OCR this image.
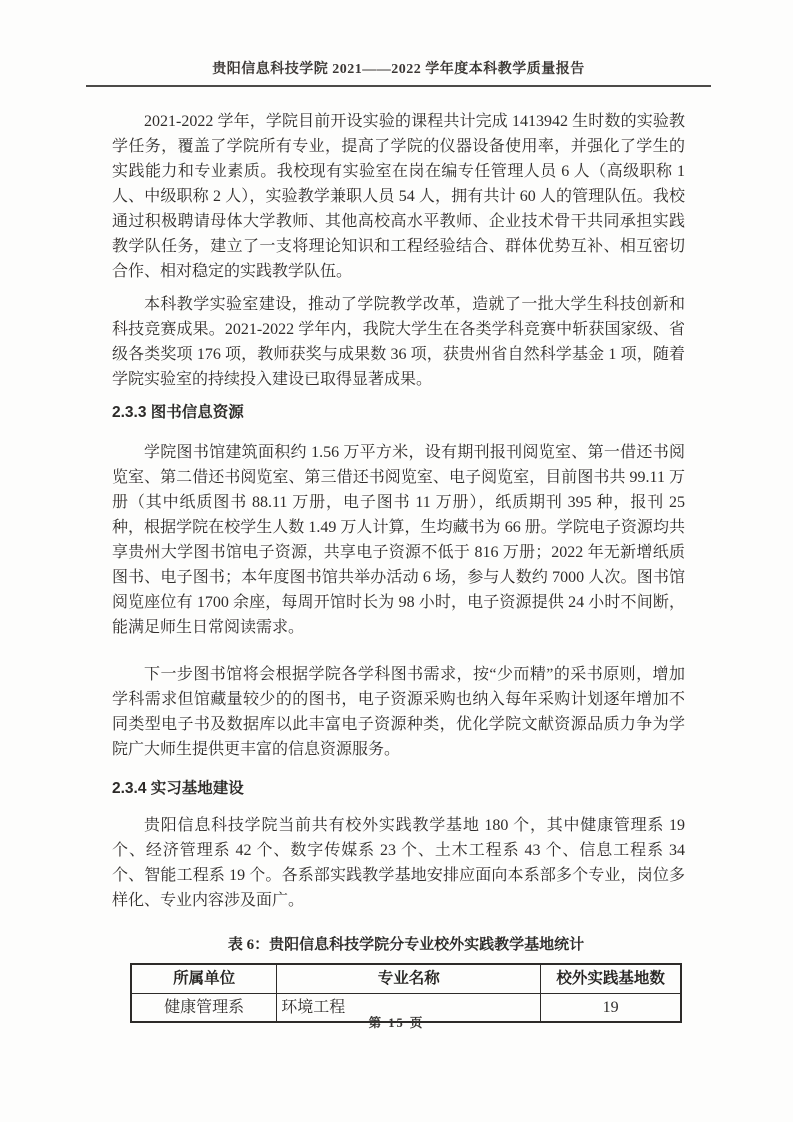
贵阳信息科技学院 2021——2022 学年度本科教学质量报告

2021-2022 学年，学院目前开设实验的课程共计完成 1413942 生时数的实验教学任务，覆盖了学院所有专业，提高了学院的仪器设备使用率，并强化了学生的实践能力和专业素质。我校现有实验室在岗在编专任管理人员 6 人（高级职称 1 人、中级职称 2 人），实验教学兼职人员 54 人，拥有共计 60 人的管理队伍。我校通过积极聘请母体大学教师、其他高校高水平教师、企业技术骨干共同承担实践教学队任务，建立了一支将理论知识和工程经验结合、群体优势互补、相互密切合作、相对稳定的实践教学队伍。

本科教学实验室建设，推动了学院教学改革，造就了一批大学生科技创新和科技竞赛成果。2021-2022 学年内，我院大学生在各类学科竞赛中斩获国家级、省级各类奖项 176 项，教师获奖与成果数 36 项，获贵州省自然科学基金 1 项，随着学院实验室的持续投入建设已取得显著成果。

2.3.3 图书信息资源

学院图书馆建筑面积约 1.56 万平方米，设有期刊报刊阅览室、第一借还书阅览室、第二借还书阅览室、第三借还书阅览室、电子阅览室，目前图书共 99.11 万册（其中纸质图书 88.11 万册，电子图书 11 万册），纸质期刊 395 种，报刊 25 种，根据学院在校学生人数 1.49 万人计算，生均藏书为 66 册。学院电子资源均共享贵州大学图书馆电子资源，共享电子资源不低于 816 万册；2022 年无新增纸质图书、电子图书；本年度图书馆共举办活动 6 场，参与人数约 7000 人次。图书馆阅览座位有 1700 余座，每周开馆时长为 98 小时，电子资源提供 24 小时不间断，能满足师生日常阅读需求。

下一步图书馆将会根据学院各学科图书需求，按“少而精”的采书原则，增加学科需求但馆藏量较少的的图书，电子资源采购也纳入每年采购计划逐年增加不同类型电子书及数据库以此丰富电子资源种类，优化学院文献资源品质力争为学院广大师生提供更丰富的信息资源服务。

2.3.4 实习基地建设

贵阳信息科技学院当前共有校外实践教学基地 180 个，其中健康管理系 19 个、经济管理系 42 个、数字传媒系 23 个、土木工程系 43 个、信息工程系 34 个、智能工程系 19 个。各系部实践教学基地安排应面向本系部多个专业，岗位多样化、专业内容涉及面广。

表 6：贵阳信息科技学院分专业校外实践教学基地统计
所属单位	专业名称	校外实践基地数
健康管理系	环境工程	19
第 15 页
